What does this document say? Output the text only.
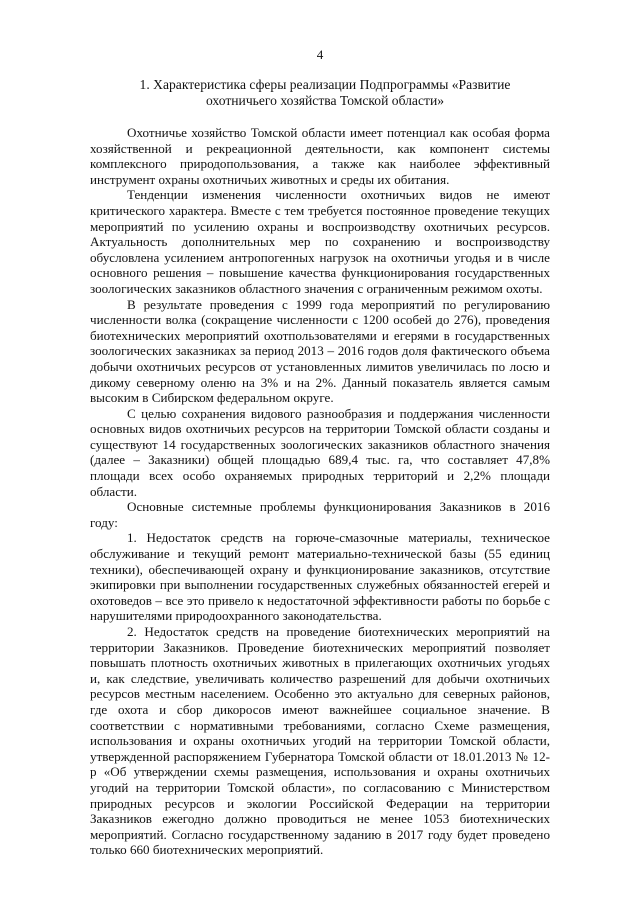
4
1. Характеристика сферы реализации Подпрограммы «Развитие
охотничьего хозяйства Томской области»

Охотничье хозяйство Томской области имеет потенциал как особая форма хозяйственной и рекреационной деятельности, как компонент системы комплексного природопользования, а также как наиболее эффективный инструмент охраны охотничьих животных и среды их обитания.

Тенденции изменения численности охотничьих видов не имеют критического характера. Вместе с тем требуется постоянное проведение текущих мероприятий по усилению охраны и воспроизводству охотничьих ресурсов. Актуальность дополнительных мер по сохранению и воспроизводству обусловлена усилением антропогенных нагрузок на охотничьи угодья и в числе основного решения – повышение качества функционирования государственных зоологических заказников областного значения с ограниченным режимом охоты.

В результате проведения с 1999 года мероприятий по регулированию численности волка (сокращение численности с 1200 особей до 276), проведения биотехнических мероприятий охотпользователями и егерями в государственных зоологических заказниках за период 2013 – 2016 годов доля фактического объема добычи охотничьих ресурсов от установленных лимитов увеличилась по лосю и дикому северному оленю на 3% и на 2%. Данный показатель является самым высоким в Сибирском федеральном округе.

С целью сохранения видового разнообразия и поддержания численности основных видов охотничьих ресурсов на территории Томской области созданы и существуют 14 государственных зоологических заказников областного значения (далее – Заказники) общей площадью 689,4 тыс. га, что составляет 47,8% площади всех особо охраняемых природных территорий и 2,2% площади области.

Основные системные проблемы функционирования Заказников в 2016 году:

1. Недостаток средств на горюче-смазочные материалы, техническое обслуживание и текущий ремонт материально-технической базы (55 единиц техники), обеспечивающей охрану и функционирование заказников, отсутствие экипировки при выполнении государственных служебных обязанностей егерей и охотоведов – все это привело к недостаточной эффективности работы по борьбе с нарушителями природоохранного законодательства.

2. Недостаток средств на проведение биотехнических мероприятий на территории Заказников. Проведение биотехнических мероприятий позволяет повышать плотность охотничьих животных в прилегающих охотничьих угодьях и, как следствие, увеличивать количество разрешений для добычи охотничьих ресурсов местным населением. Особенно это актуально для северных районов, где охота и сбор дикоросов имеют важнейшее социальное значение. В соответствии с нормативными требованиями, согласно Схеме размещения, использования и охраны охотничьих угодий на территории Томской области, утвержденной распоряжением Губернатора Томской области от 18.01.2013 № 12-р «Об утверждении схемы размещения, использования и охраны охотничьих угодий на территории Томской области», по согласованию с Министерством природных ресурсов и экологии Российской Федерации на территории Заказников ежегодно должно проводиться не менее 1053 биотехнических мероприятий. Согласно государственному заданию в 2017 году будет проведено только 660 биотехнических мероприятий.
